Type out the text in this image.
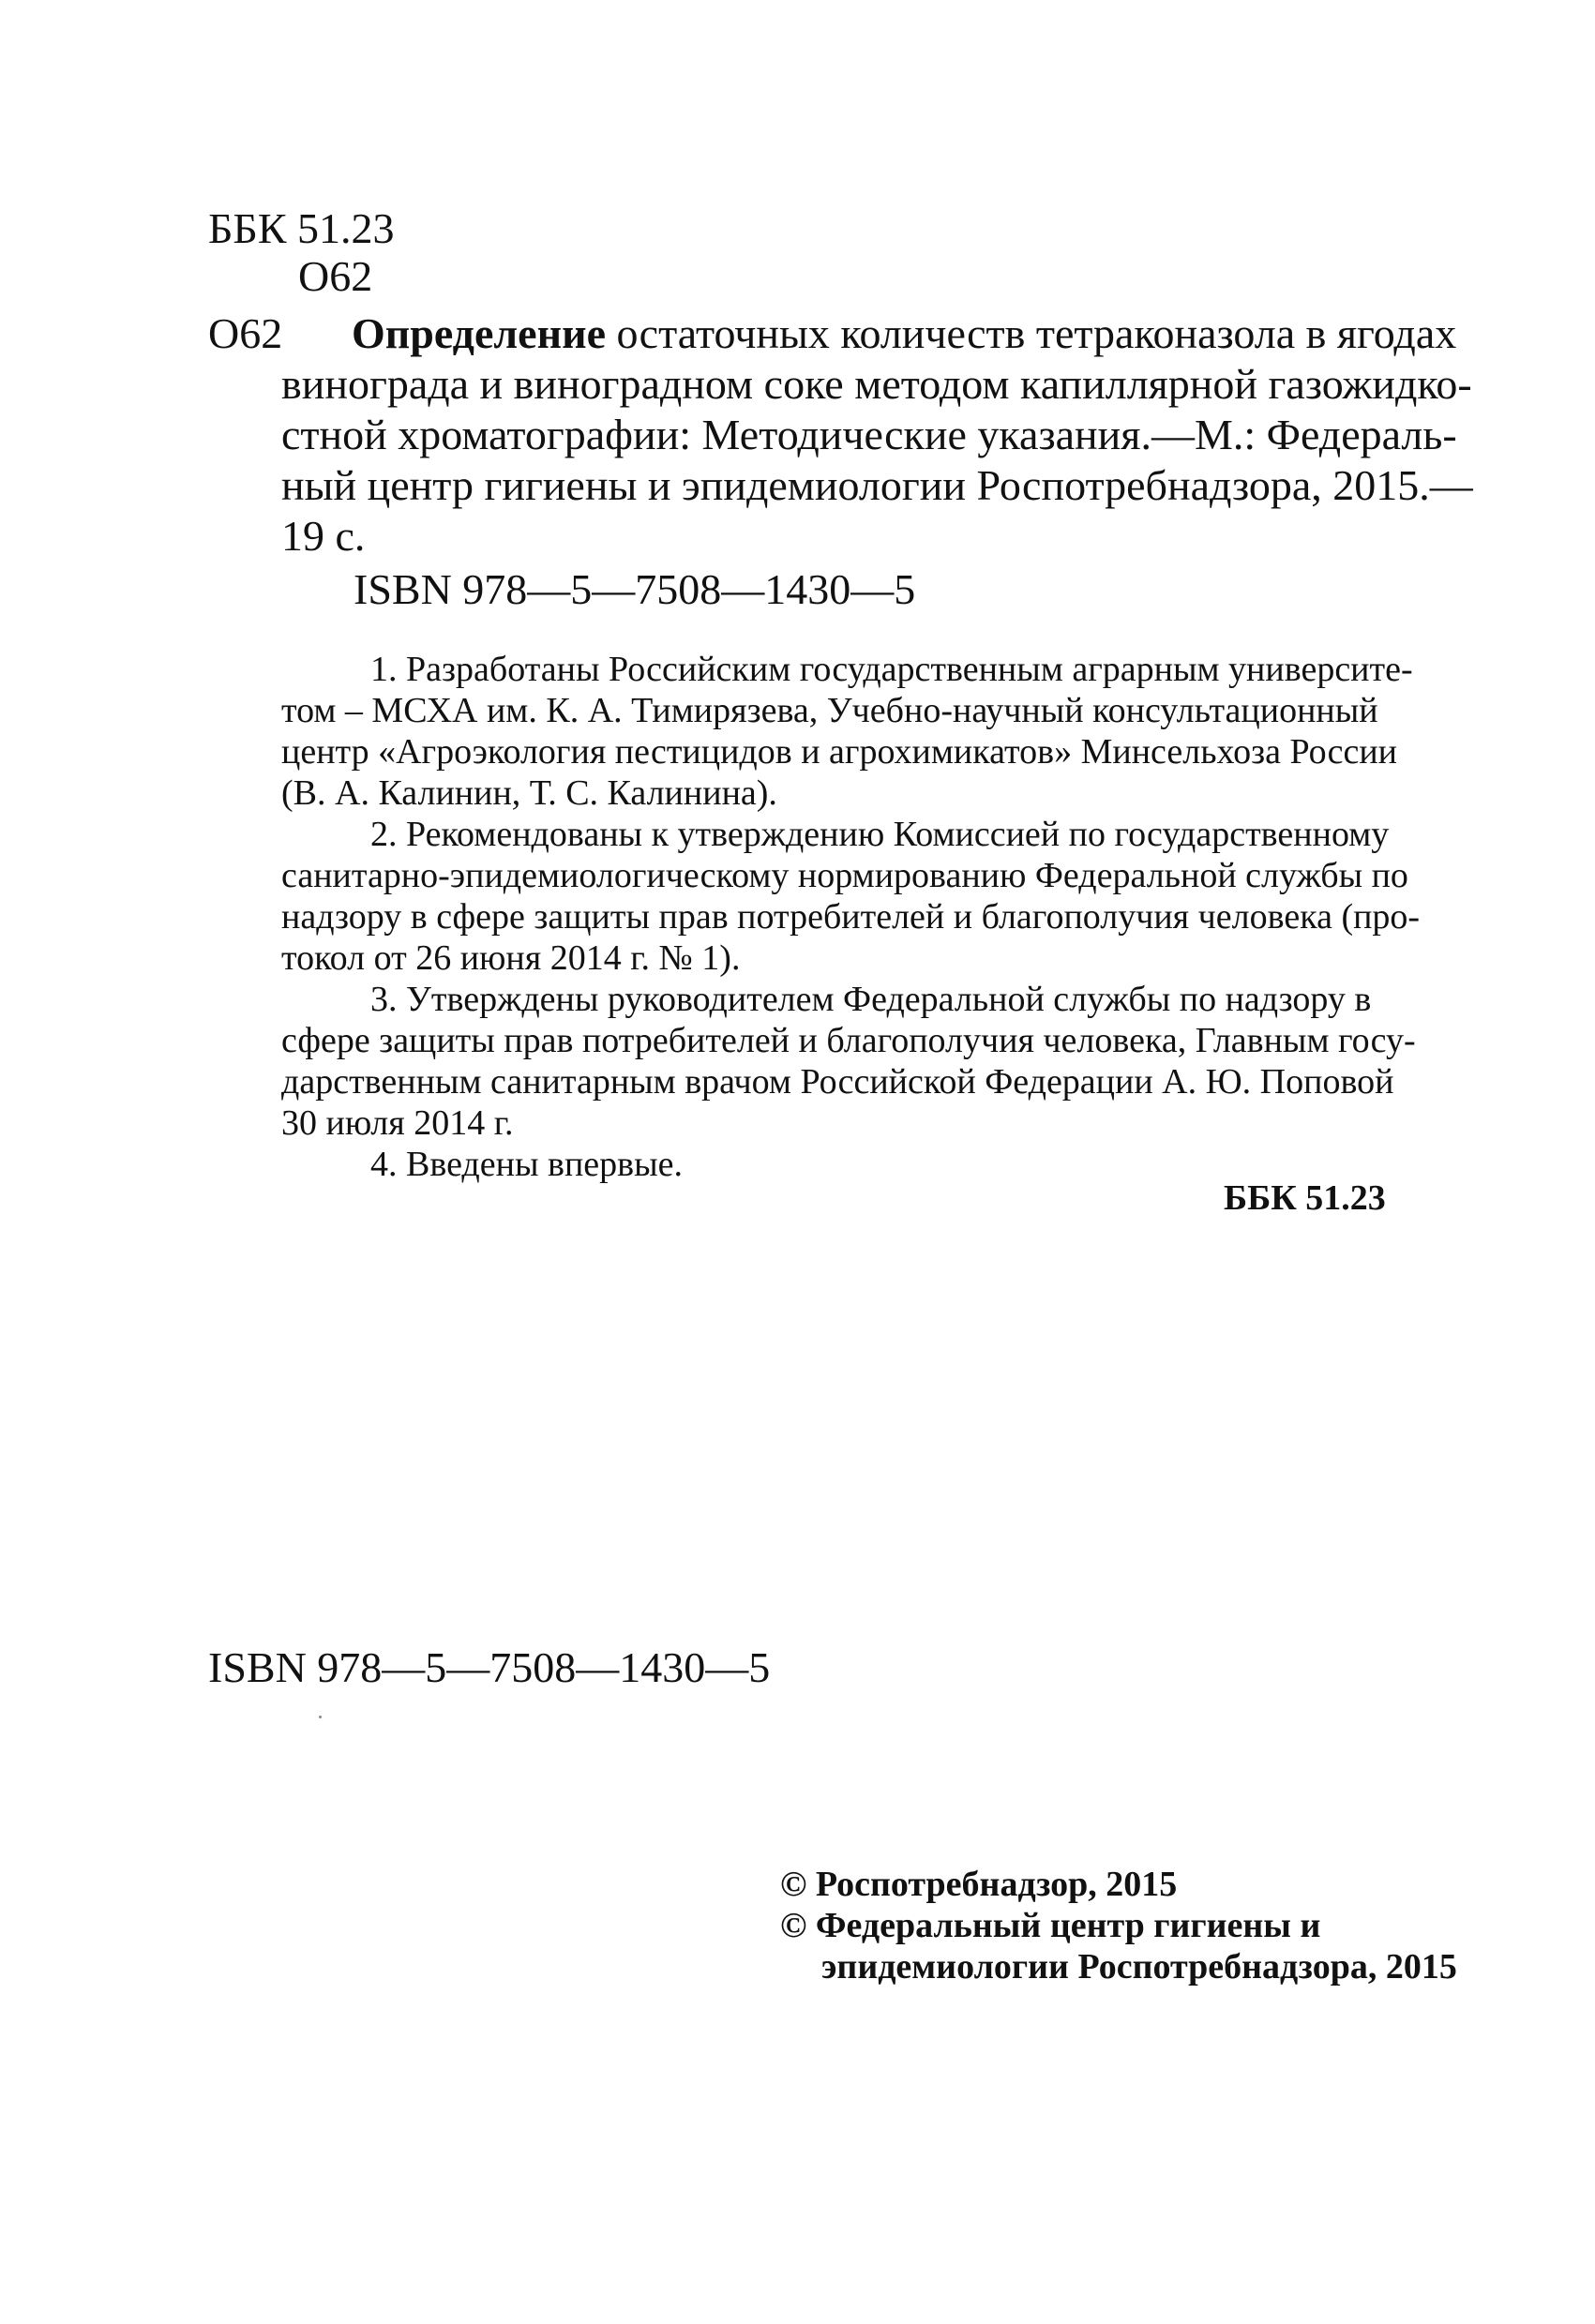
ББК 51.23
О62
О62	Определение остаточных количеств тетраконазола в ягодах
винограда и виноградном соке методом капиллярной газожидко-
стной хроматографии: Методические указания.—М.: Федераль-
ный центр гигиены и эпидемиологии Роспотребнадзора, 2015.—
19 с.
ISBN 978—5—7508—1430—5
1. Разработаны Российским государственным аграрным университе-
том – МСХА им. К. А. Тимирязева, Учебно-научный консультационный
центр «Агроэкология пестицидов и агрохимикатов» Минсельхоза России
(В. А. Калинин, Т. С. Калинина).
2. Рекомендованы к утверждению Комиссией по государственному
санитарно-эпидемиологическому нормированию Федеральной службы по
надзору в сфере защиты прав потребителей и благополучия человека (про-
токол от 26 июня 2014 г. № 1).
3. Утверждены руководителем Федеральной службы по надзору в
сфере защиты прав потребителей и благополучия человека, Главным госу-
дарственным санитарным врачом Российской Федерации А. Ю. Поповой
30 июля 2014 г.
4. Введены впервые.
ББК 51.23
ISBN 978—5—7508—1430—5
© Роспотребнадзор, 2015
© Федеральный центр гигиены и
эпидемиологии Роспотребнадзора, 2015
